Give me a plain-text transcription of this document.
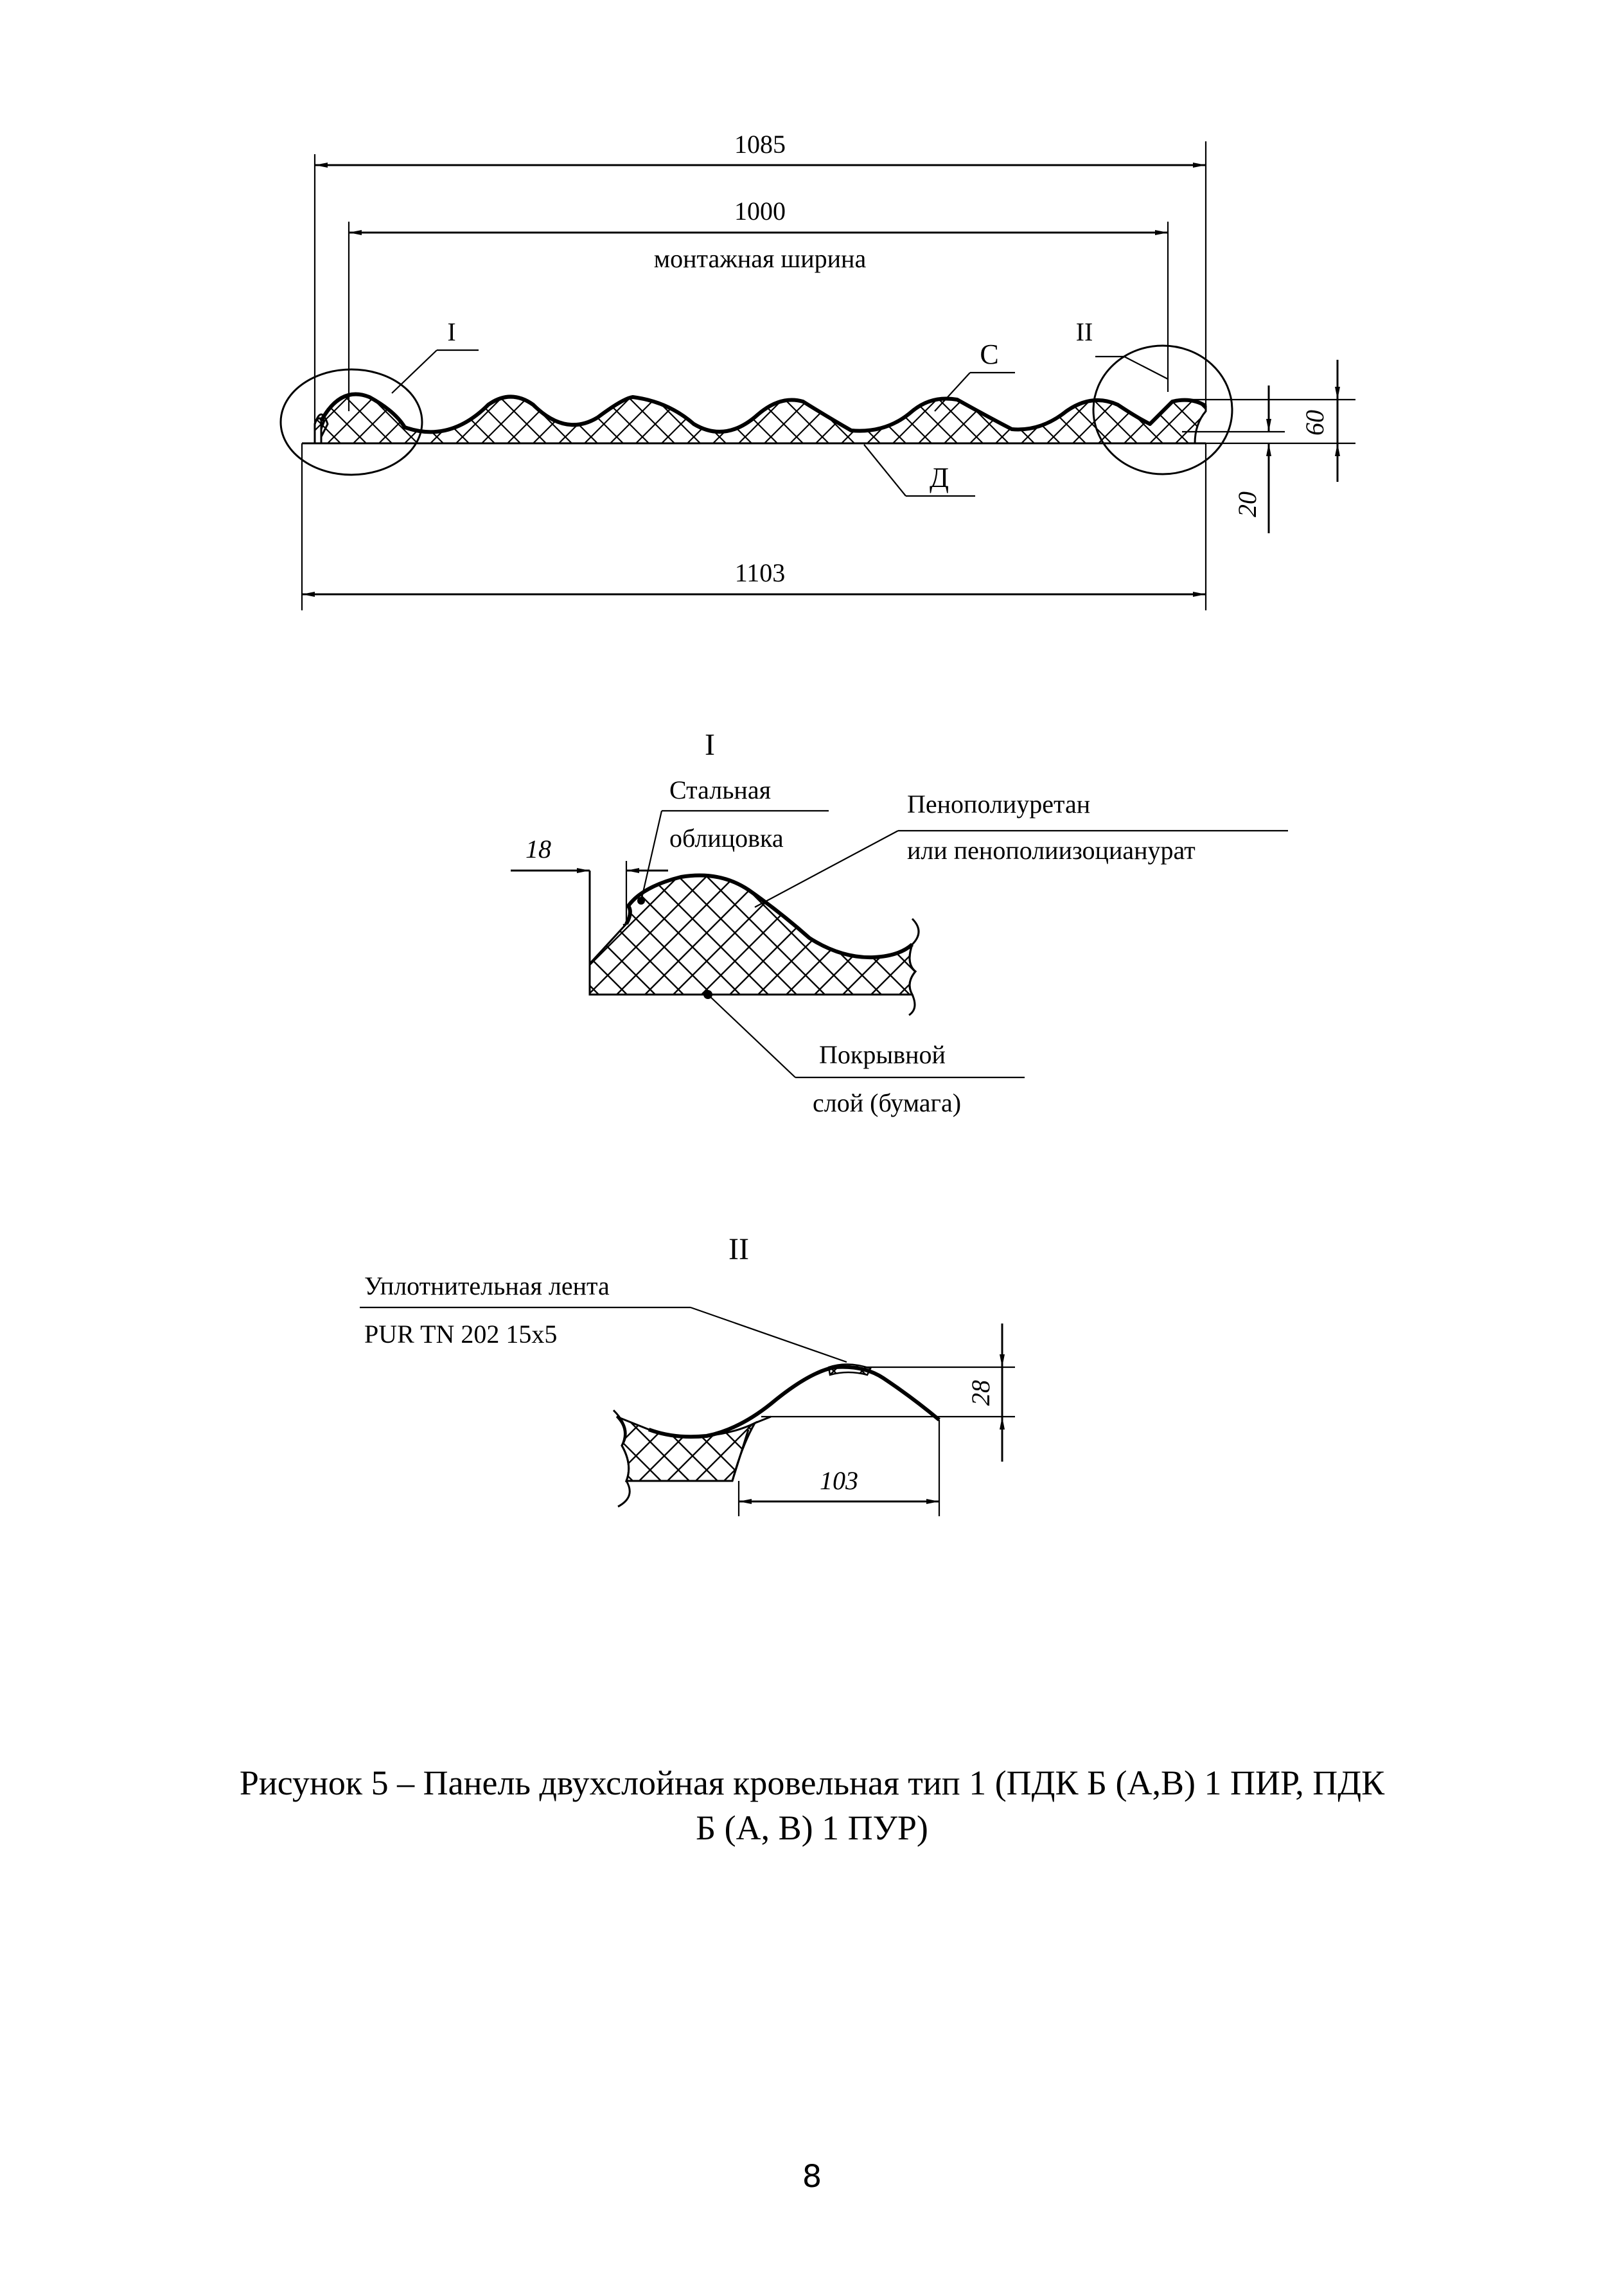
1085
1000
монтажная ширина
I	II
С
Д
60
20
1103
I
18
Стальная
облицовка
Пенополиуретан
или пенополиизоцианурат
Покрывной
слой (бумага)
II
Уплотнительная лента
PUR TN 202 15x5
28
103
Рисунок 5 – Панель двухслойная кровельная тип 1 (ПДК Б (А,В) 1 ПИР, ПДК
Б (А, В) 1 ПУР)
8
